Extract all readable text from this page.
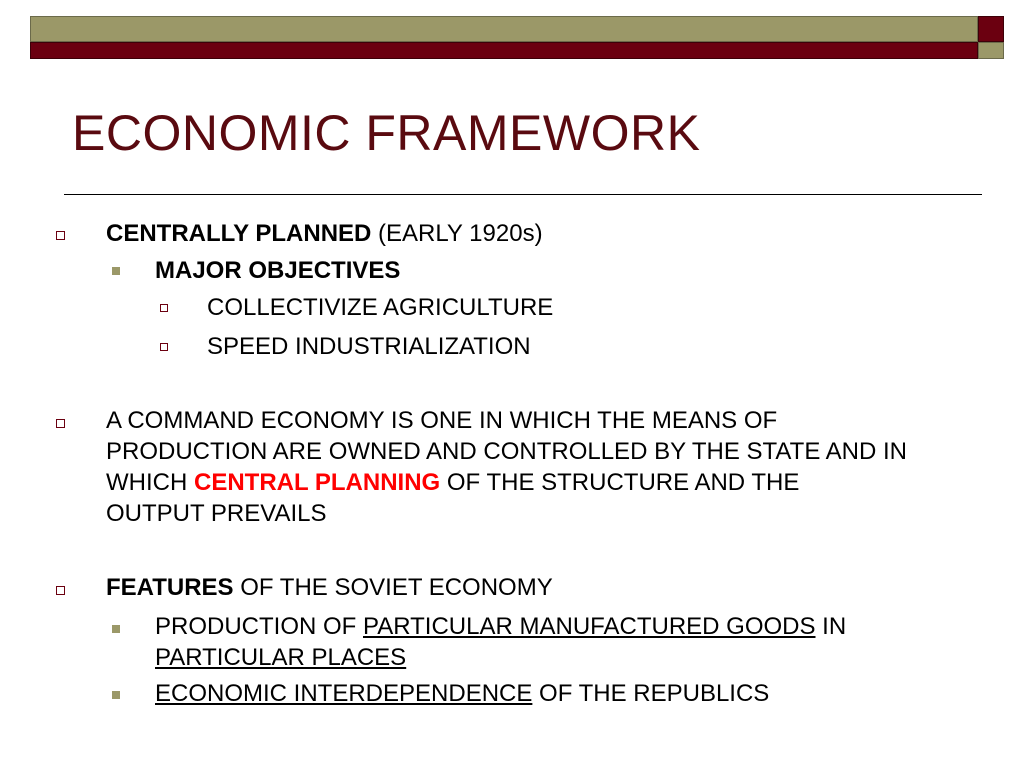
ECONOMIC FRAMEWORK
CENTRALLY PLANNED (EARLY 1920s)
MAJOR OBJECTIVES
COLLECTIVIZE AGRICULTURE
SPEED INDUSTRIALIZATION
A COMMAND ECONOMY IS ONE IN WHICH THE MEANS OF
PRODUCTION ARE OWNED AND CONTROLLED BY THE STATE AND IN
WHICH CENTRAL PLANNING OF THE STRUCTURE AND THE
OUTPUT PREVAILS
FEATURES OF THE SOVIET ECONOMY
PRODUCTION OF PARTICULAR MANUFACTURED GOODS IN
PARTICULAR PLACES
ECONOMIC INTERDEPENDENCE OF THE REPUBLICS
